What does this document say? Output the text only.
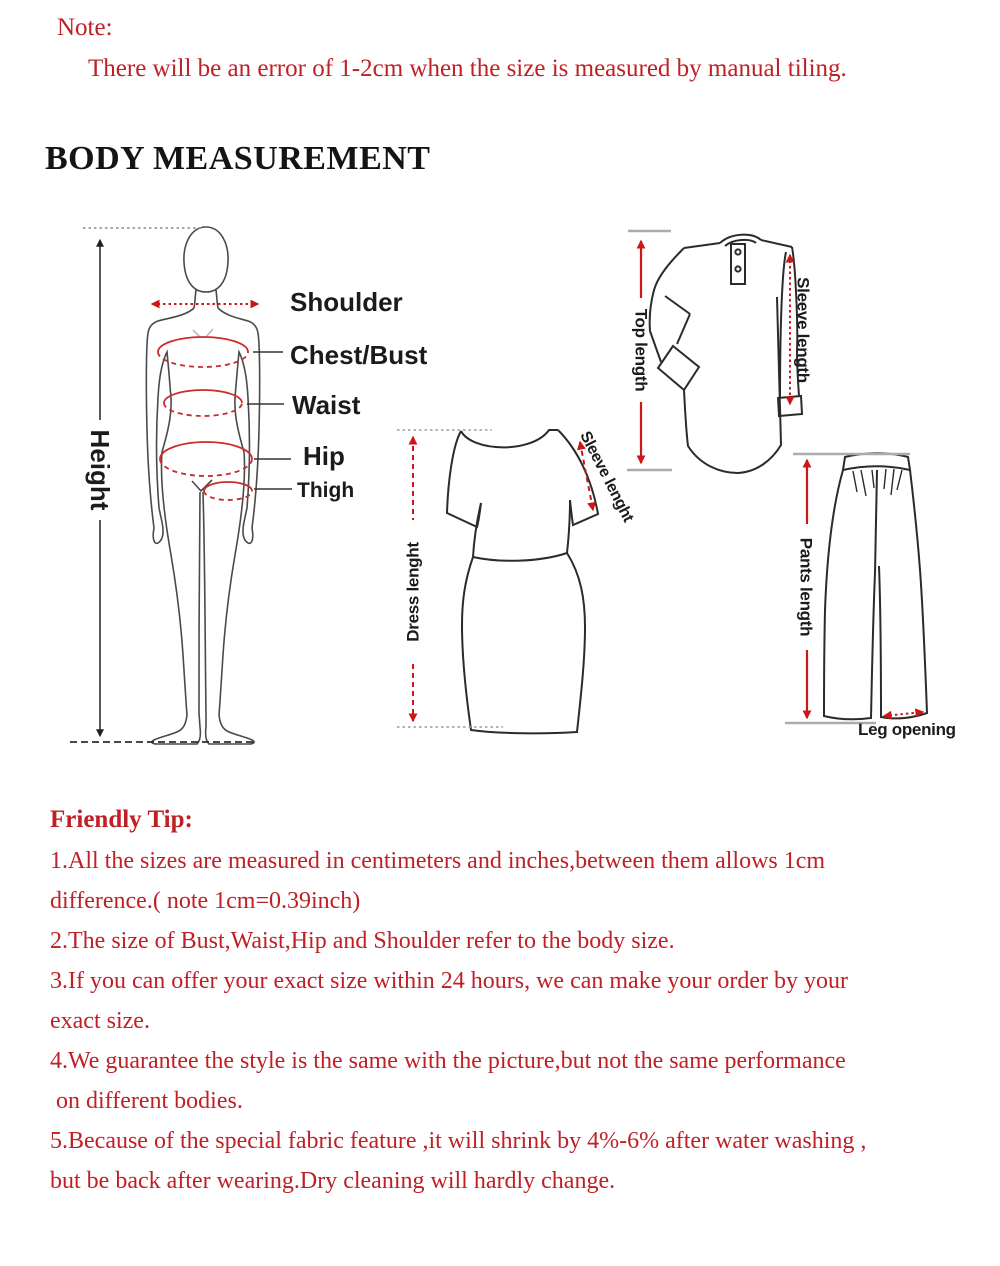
Note:
There will be an error of 1-2cm when the size is measured by manual tiling.
BODY MEASUREMENT
Height
Shoulder
Chest/Bust
Waist
Hip
Thigh
Dress lenght
Sleeve lenght
Top length	Sleeve length
Pants length
Leg opening
Friendly Tip:
1.All the sizes are measured in centimeters and inches,between them allows 1cm
difference.( note 1cm=0.39inch)
2.The size of Bust,Waist,Hip and Shoulder refer to the body size.
3.If you can offer your exact size within 24 hours, we can make your order by your
exact size.
4.We guarantee the style is the same with the picture,but not the same performance
on different bodies.
5.Because of the special fabric feature ,it will shrink by 4%-6% after water washing ,
but be back after wearing.Dry cleaning will hardly change.
